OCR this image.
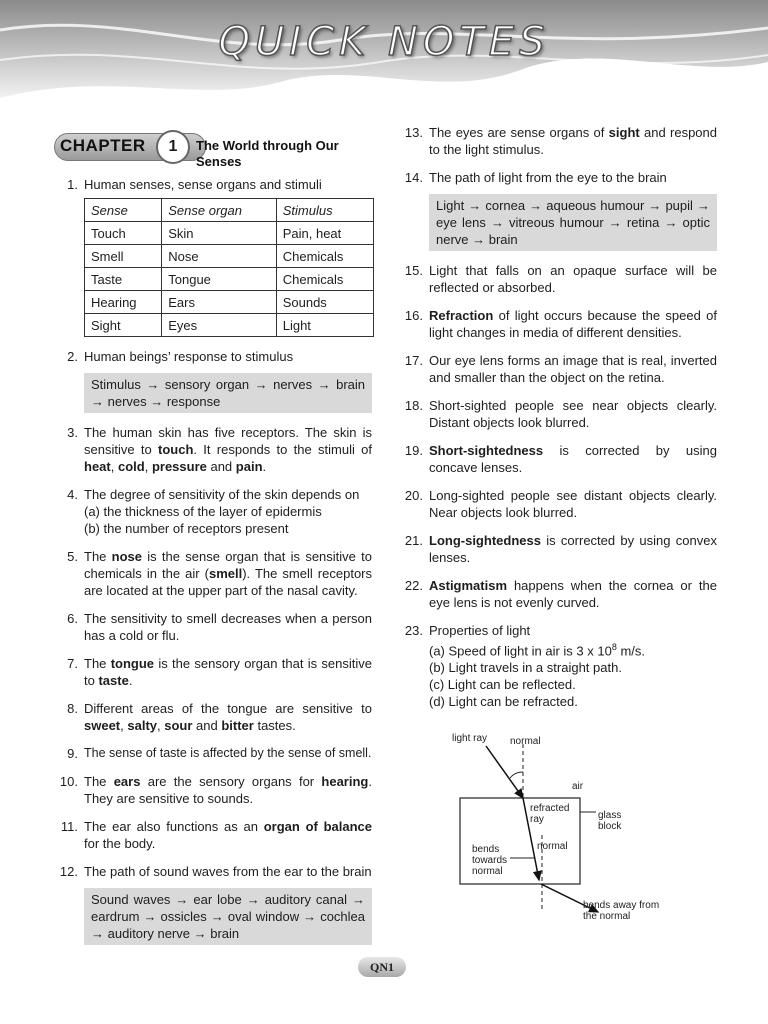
QUICK NOTES
CHAPTER	1	The World through Our Senses
1. Human senses, sense organs and stimuli
Sense	Sense organ	Stimulus
Touch	Skin	Pain, heat
Smell	Nose	Chemicals
Taste	Tongue	Chemicals
Hearing	Ears	Sounds
Sight	Eyes	Light
2. Human beings’ response to stimulus
Stimulus → sensory organ → nerves → brain → nerves → response
3. The human skin has five receptors. The skin is sensitive to touch. It responds to the stimuli of heat, cold, pressure and pain.
4. The degree of sensitivity of the skin depends on
(a) the thickness of the layer of epidermis
(b) the number of receptors present
5. The nose is the sense organ that is sensitive to chemicals in the air (smell). The smell receptors are located at the upper part of the nasal cavity.
6. The sensitivity to smell decreases when a person has a cold or flu.
7. The tongue is the sensory organ that is sensitive to taste.
8. Different areas of the tongue are sensitive to sweet, salty, sour and bitter tastes.
9. The sense of taste is affected by the sense of smell.
10. The ears are the sensory organs for hearing. They are sensitive to sounds.
11. The ear also functions as an organ of balance for the body.
12. The path of sound waves from the ear to the brain
Sound waves → ear lobe → auditory canal → eardrum → ossicles → oval window → cochlea → auditory nerve → brain
13. The eyes are sense organs of sight and respond to the light stimulus.
14. The path of light from the eye to the brain
Light → cornea → aqueous humour → pupil → eye lens → vitreous humour → retina → optic nerve → brain
15. Light that falls on an opaque surface will be reflected or absorbed.
16. Refraction of light occurs because the speed of light changes in media of different densities.
17. Our eye lens forms an image that is real, inverted and smaller than the object on the retina.
18. Short-sighted people see near objects clearly. Distant objects look blurred.
19. Short-sightedness is corrected by using concave lenses.
20. Long-sighted people see distant objects clearly. Near objects look blurred.
21. Long-sightedness is corrected by using convex lenses.
22. Astigmatism happens when the cornea or the eye lens is not evenly curved.
23. Properties of light
(a) Speed of light in air is 3 x $10^8$ m/s.
(b) Light travels in a straight path.
(c) Light can be reflected.
(d) Light can be refracted.
light ray normal
air
refracted
ray	glass
block
normal
bends
towards
normal
bends away from
the normal
QN1
